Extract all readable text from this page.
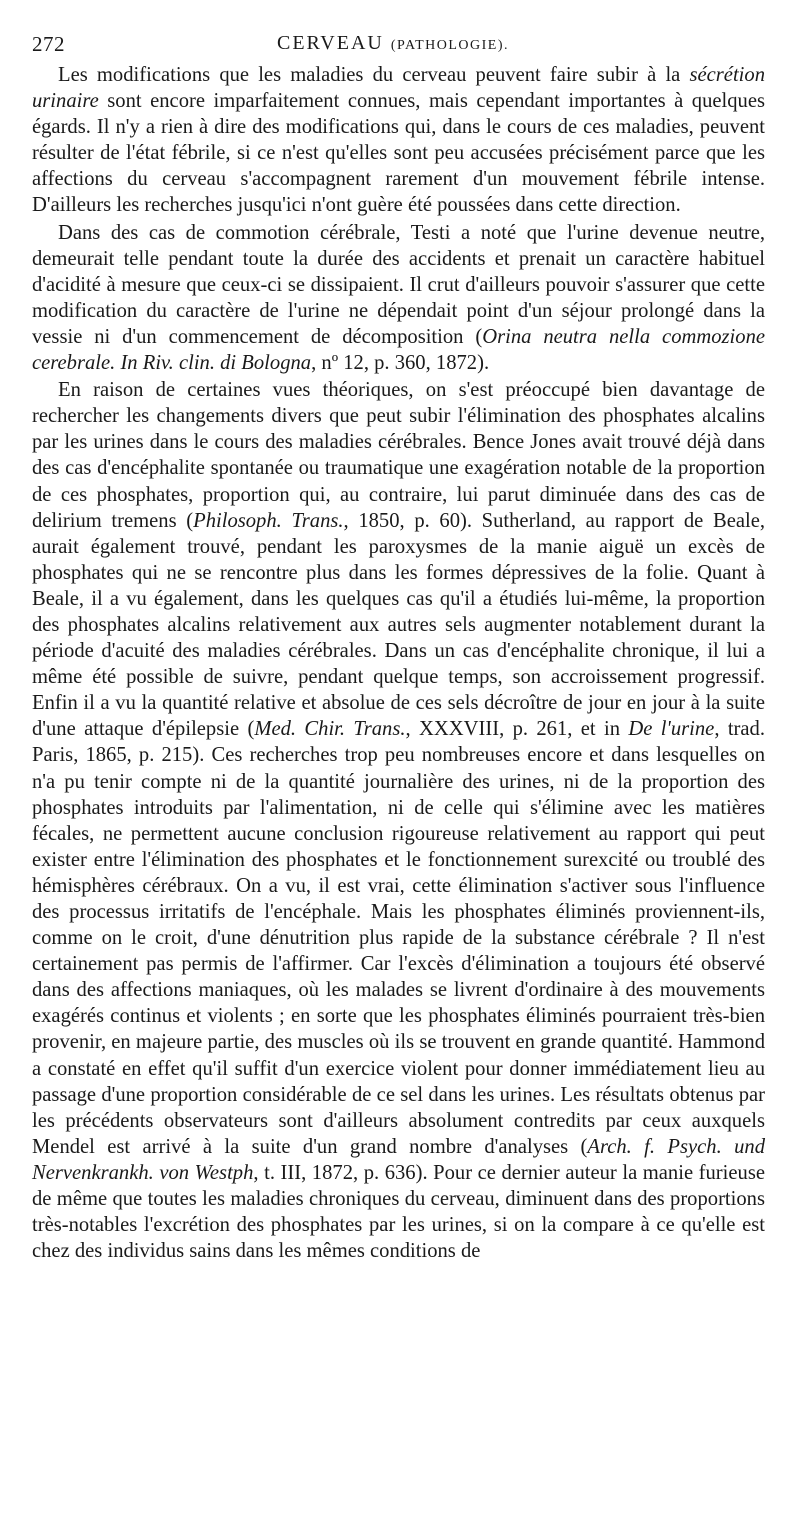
272	CERVEAU (PATHOLOGIE).

Les modifications que les maladies du cerveau peuvent faire subir à la sécrétion urinaire sont encore imparfaitement connues, mais cependant importantes à quelques égards. Il n'y a rien à dire des modifications qui, dans le cours de ces maladies, peuvent résulter de l'état fébrile, si ce n'est qu'elles sont peu accusées précisément parce que les affections du cerveau s'accompagnent rarement d'un mouvement fébrile intense. D'ailleurs les recherches jusqu'ici n'ont guère été poussées dans cette direction.

Dans des cas de commotion cérébrale, Testi a noté que l'urine devenue neutre, demeurait telle pendant toute la durée des accidents et prenait un caractère habituel d'acidité à mesure que ceux-ci se dissipaient. Il crut d'ailleurs pouvoir s'assurer que cette modification du caractère de l'urine ne dépendait point d'un séjour prolongé dans la vessie ni d'un commencement de décomposition (Orina neutra nella commozione cerebrale. In Riv. clin. di Bologna, nº 12, p. 360, 1872).

En raison de certaines vues théoriques, on s'est préoccupé bien davantage de rechercher les changements divers que peut subir l'élimination des phosphates alcalins par les urines dans le cours des maladies cérébrales. Bence Jones avait trouvé déjà dans des cas d'encéphalite spontanée ou traumatique une exagération notable de la proportion de ces phosphates, proportion qui, au contraire, lui parut diminuée dans des cas de delirium tremens (Philosoph. Trans., 1850, p. 60). Sutherland, au rapport de Beale, aurait également trouvé, pendant les paroxysmes de la manie aiguë un excès de phosphates qui ne se rencontre plus dans les formes dépressives de la folie. Quant à Beale, il a vu également, dans les quelques cas qu'il a étudiés lui-même, la proportion des phosphates alcalins relativement aux autres sels augmenter notablement durant la période d'acuité des maladies cérébrales. Dans un cas d'encéphalite chronique, il lui a même été possible de suivre, pendant quelque temps, son accroissement progressif. Enfin il a vu la quantité relative et absolue de ces sels décroître de jour en jour à la suite d'une attaque d'épilepsie (Med. Chir. Trans., XXXVIII, p. 261, et in De l'urine, trad. Paris, 1865, p. 215). Ces recherches trop peu nombreuses encore et dans lesquelles on n'a pu tenir compte ni de la quantité journalière des urines, ni de la proportion des phosphates introduits par l'alimentation, ni de celle qui s'élimine avec les matières fécales, ne permettent aucune conclusion rigoureuse relativement au rapport qui peut exister entre l'élimination des phosphates et le fonctionnement surexcité ou troublé des hémisphères cérébraux. On a vu, il est vrai, cette élimination s'activer sous l'influence des processus irritatifs de l'encéphale. Mais les phosphates éliminés proviennent-ils, comme on le croit, d'une dénutrition plus rapide de la substance cérébrale ? Il n'est certainement pas permis de l'affirmer. Car l'excès d'élimination a toujours été observé dans des affections maniaques, où les malades se livrent d'ordinaire à des mouvements exagérés continus et violents ; en sorte que les phosphates éliminés pourraient très-bien provenir, en majeure partie, des muscles où ils se trouvent en grande quantité. Hammond a constaté en effet qu'il suffit d'un exercice violent pour donner immédiatement lieu au passage d'une proportion considérable de ce sel dans les urines. Les résultats obtenus par les précédents observateurs sont d'ailleurs absolument contredits par ceux auxquels Mendel est arrivé à la suite d'un grand nombre d'analyses (Arch. f. Psych. und Nervenkrankh. von Westph, t. III, 1872, p. 636). Pour ce dernier auteur la manie furieuse de même que toutes les maladies chroniques du cerveau, diminuent dans des proportions très-notables l'excrétion des phosphates par les urines, si on la compare à ce qu'elle est chez des individus sains dans les mêmes conditions de
